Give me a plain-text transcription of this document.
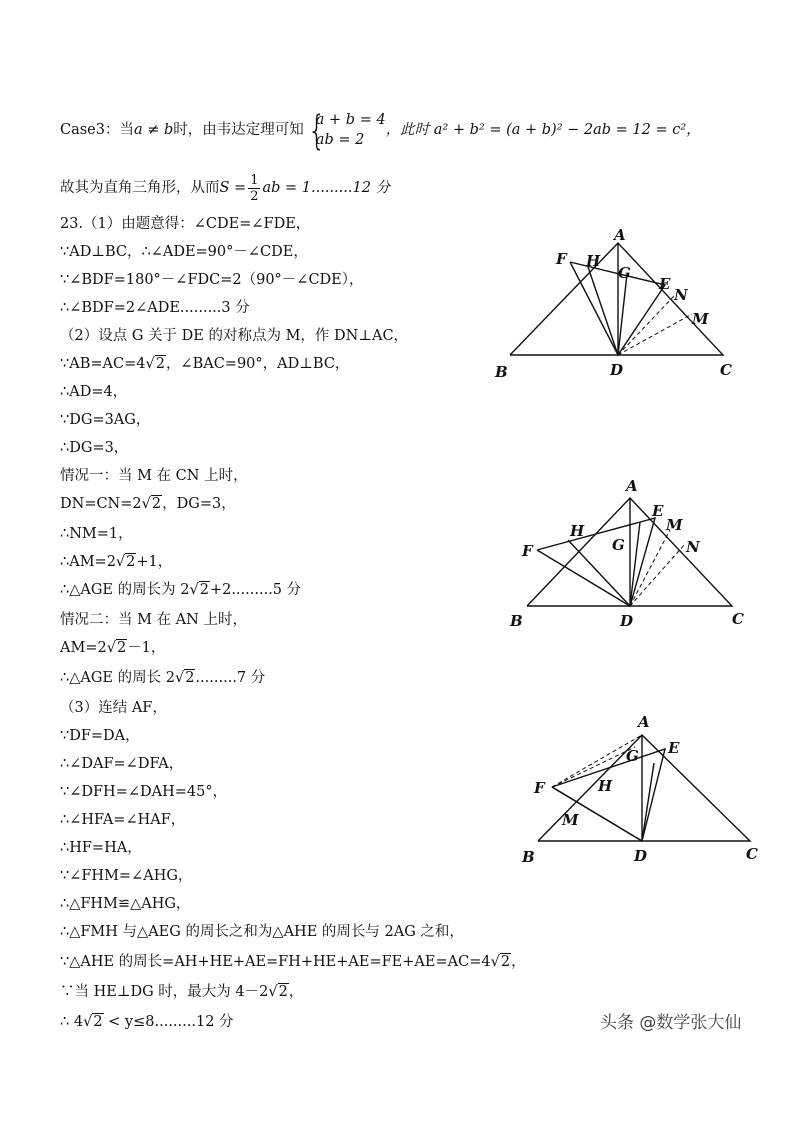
Case3：当a ≠ b时，由韦达定理可知 {
a + b = 4
ab = 2
，此时 a² + b² = (a + b)² − 2ab = 12 = c²，
故其为直角三角形，从而$S = \frac{1}{2}$ ab = 1.........12 分
23.（1）由题意得：∠CDE=∠FDE，
∵AD⊥BC，∴∠ADE=90°－∠CDE，
∵∠BDF=180°－∠FDC=2（90°－∠CDE），
∴∠BDF=2∠ADE.........3 分
（2）设点 G 关于 DE 的对称点为 M，作 DN⊥AC，
∵AB=AC=4√2，∠BAC=90°，AD⊥BC，
∴AD=4，
∵DG=3AG，
∴DG=3，
情况一：当 M 在 CN 上时，
DN=CN=2√2，DG=3，
∴NM=1，
∴AM=2√2+1，
∴△AGE 的周长为 2√2+2.........5 分
情况二：当 M 在 AN 上时，
AM=2√2－1，
∴△AGE 的周长 2√2.........7 分
（3）连结 AF，
∵DF=DA，
∴∠DAF=∠DFA，
∵∠DFH=∠DAH=45°，
∴∠HFA=∠HAF，
∴HF=HA，
∵∠FHM=∠AHG，
∴△FHM≌△AHG，
∴△FMH 与△AEG 的周长之和为△AHE 的周长与 2AG 之和，
∵△AHE 的周长=AH+HE+AE=FH+HE+AE=FE+AE=AC=4√2，
∵当 HE⊥DG 时，最大为 4－2√2，
∴ 4√2 < y≤8.........12 分
A
B	C
D
E
F
G
H
M
N
A
B	C
D
E
F	G
H	M
N
A
B	C
D
E
F
G
H
M
头条 @数学张大仙
